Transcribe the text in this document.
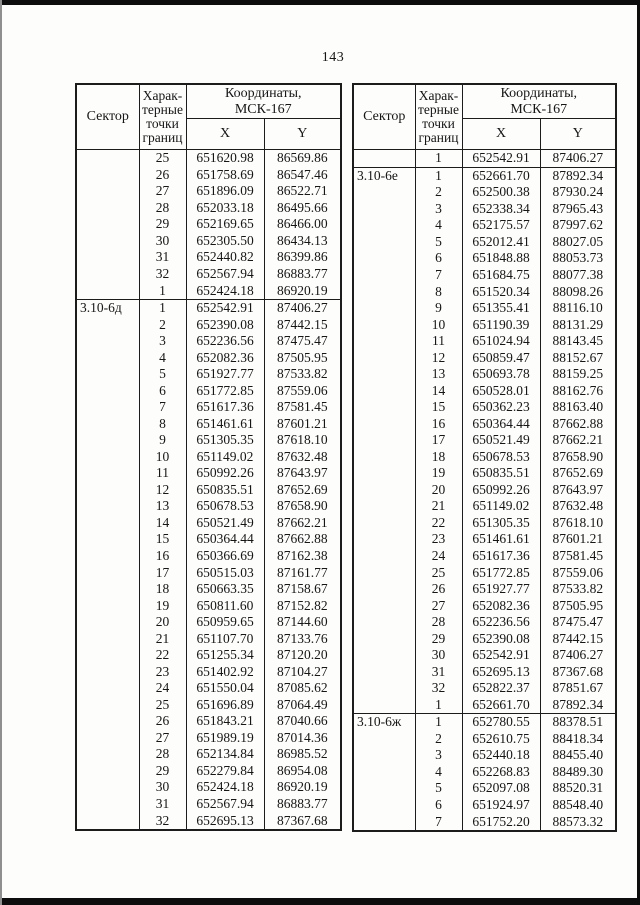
143
Сектор	Харак-
терные
точки
границ	Координаты,
МСК-167	
		X	Y
	25	651620.98	86569.86
	26	651758.69	86547.46
	27	651896.09	86522.71
	28	652033.18	86495.66
	29	652169.65	86466.00
	30	652305.50	86434.13
	31	652440.82	86399.86
	32	652567.94	86883.77
	1	652424.18	86920.19
3.10-6д	1	652542.91	87406.27
	2	652390.08	87442.15
	3	652236.56	87475.47
	4	652082.36	87505.95
	5	651927.77	87533.82
	6	651772.85	87559.06
	7	651617.36	87581.45
	8	651461.61	87601.21
	9	651305.35	87618.10
	10	651149.02	87632.48
	11	650992.26	87643.97
	12	650835.51	87652.69
	13	650678.53	87658.90
	14	650521.49	87662.21
	15	650364.44	87662.88
	16	650366.69	87162.38
	17	650515.03	87161.77
	18	650663.35	87158.67
	19	650811.60	87152.82
	20	650959.65	87144.60
	21	651107.70	87133.76
	22	651255.34	87120.20
	23	651402.92	87104.27
	24	651550.04	87085.62
	25	651696.89	87064.49
	26	651843.21	87040.66
	27	651989.19	87014.36
	28	652134.84	86985.52
	29	652279.84	86954.08
	30	652424.18	86920.19
	31	652567.94	86883.77
	32	652695.13	87367.68
Сектор	Харак-
терные
точки
границ	Координаты,
МСК-167	
		X	Y
	1	652542.91	87406.27
3.10-6е	1	652661.70	87892.34
	2	652500.38	87930.24
	3	652338.34	87965.43
	4	652175.57	87997.62
	5	652012.41	88027.05
	6	651848.88	88053.73
	7	651684.75	88077.38
	8	651520.34	88098.26
	9	651355.41	88116.10
	10	651190.39	88131.29
	11	651024.94	88143.45
	12	650859.47	88152.67
	13	650693.78	88159.25
	14	650528.01	88162.76
	15	650362.23	88163.40
	16	650364.44	87662.88
	17	650521.49	87662.21
	18	650678.53	87658.90
	19	650835.51	87652.69
	20	650992.26	87643.97
	21	651149.02	87632.48
	22	651305.35	87618.10
	23	651461.61	87601.21
	24	651617.36	87581.45
	25	651772.85	87559.06
	26	651927.77	87533.82
	27	652082.36	87505.95
	28	652236.56	87475.47
	29	652390.08	87442.15
	30	652542.91	87406.27
	31	652695.13	87367.68
	32	652822.37	87851.67
	1	652661.70	87892.34
3.10-6ж	1	652780.55	88378.51
	2	652610.75	88418.34
	3	652440.18	88455.40
	4	652268.83	88489.30
	5	652097.08	88520.31
	6	651924.97	88548.40
	7	651752.20	88573.32
